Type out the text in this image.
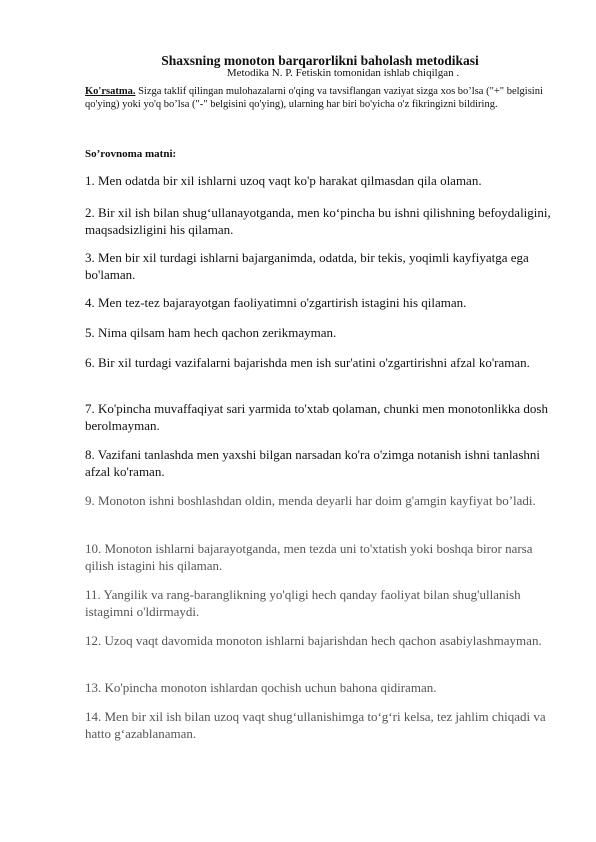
Shaxsning monoton barqarorlikni baholash metodikasi
Metodika N. P. Fetiskin tomonidan ishlab chiqilgan .
Ko'rsatma. Sizga taklif qilingan mulohazalarni o'qing va tavsiflangan vaziyat sizga xos bo’lsa ("+" belgisini qo'ying) yoki yo'q bo’lsa ("-" belgisini qo'ying), ularning har biri bo'yicha o'z fikringizni bildiring.
So’rovnoma matni:

1. Men odatda bir xil ishlarni uzoq vaqt ko'p harakat qilmasdan qila olaman.

2. Bir xil ish bilan shug‘ullanayotganda, men ko‘pincha bu ishni qilishning befoydaligini, maqsadsizligini his qilaman.

3. Men bir xil turdagi ishlarni bajarganimda, odatda, bir tekis, yoqimli kayfiyatga ega bo'laman.

4. Men tez-tez bajarayotgan faoliyatimni o'zgartirish istagini his qilaman.

5. Nima qilsam ham hech qachon zerikmayman.

6. Bir xil turdagi vazifalarni bajarishda men ish sur'atini o'zgartirishni afzal ko'raman.

7. Ko'pincha muvaffaqiyat sari yarmida to'xtab qolaman, chunki men monotonlikka dosh berolmayman.

8. Vazifani tanlashda men yaxshi bilgan narsadan ko'ra o'zimga notanish ishni tanlashni afzal ko'raman.

9. Monoton ishni boshlashdan oldin, menda deyarli har doim g'amgin kayfiyat bo’ladi.

10. Monoton ishlarni bajarayotganda, men tezda uni to'xtatish yoki boshqa biror narsa qilish istagini his qilaman.

11. Yangilik va rang-baranglikning yo'qligi hech qanday faoliyat bilan shug'ullanish istagimni o'ldirmaydi.

12. Uzoq vaqt davomida monoton ishlarni bajarishdan hech qachon asabiylashmayman.

13. Ko'pincha monoton ishlardan qochish uchun bahona qidiraman.

14. Men bir xil ish bilan uzoq vaqt shug‘ullanishimga to‘g‘ri kelsa, tez jahlim chiqadi va hatto g‘azablanaman.
